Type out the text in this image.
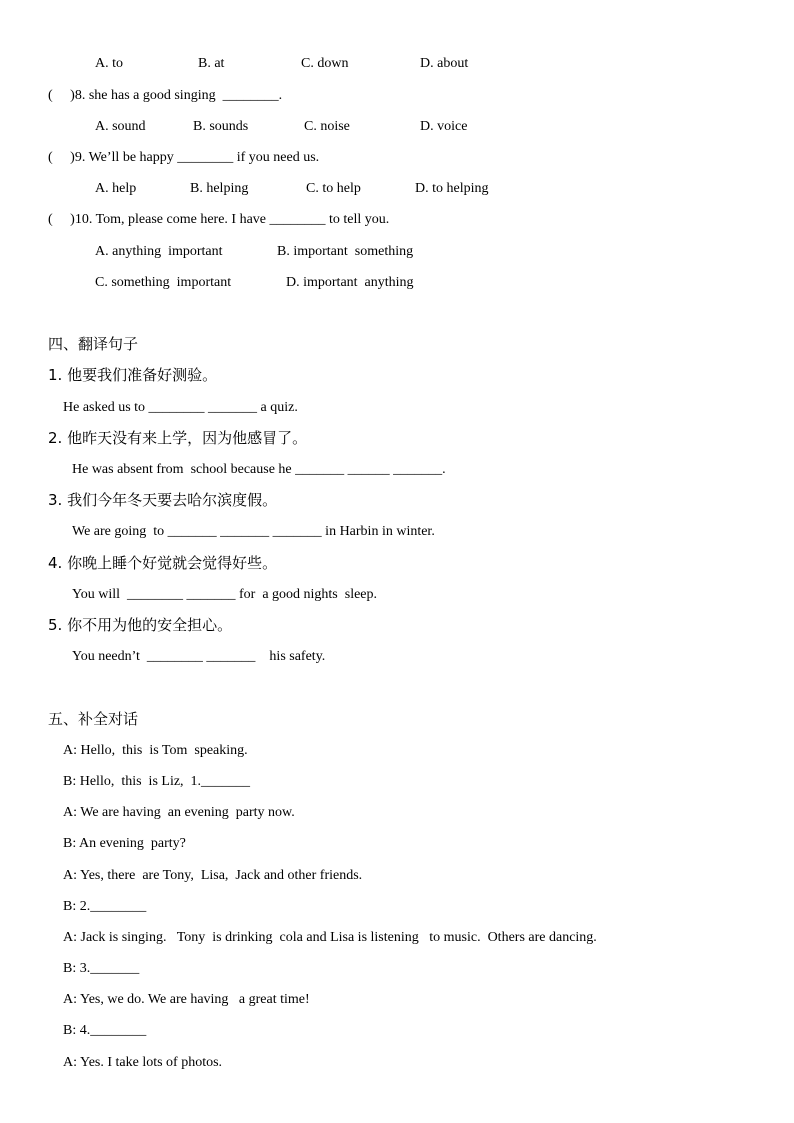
A. to	B. at	C. down	D. about
(     )8. she has a good singing  ________.
A. sound	B. sounds	C. noise	D. voice
(     )9. We’ll be happy ________ if you need us.
A. help	B. helping	C. to help	D. to helping
(     )10. Tom, please come here. I have ________ to tell you.
A. anything  important	B. important  something
C. something  important	D. important  anything
四、翻译句子
1. 他要我们准备好测验。
He asked us to ________ _______ a quiz.
2. 他昨天没有来上学，因为他感冒了。
He was absent from  school because he _______ ______ _______.
3. 我们今年冬天要去哈尔滨度假。
We are going  to _______ _______ _______ in Harbin in winter.
4. 你晚上睡个好觉就会觉得好些。
You will  ________ _______ for  a good nights  sleep.
5. 你不用为他的安全担心。
You needn’t  ________ _______    his safety.
五、补全对话
A: Hello,  this  is Tom  speaking.
B: Hello,  this  is Liz,  1._______
A: We are having  an evening  party now.
B: An evening  party?
A: Yes, there  are Tony,  Lisa,  Jack and other friends.
B: 2.________
A: Jack is singing.   Tony  is drinking  cola and Lisa is listening   to music.  Others are dancing.
B: 3._______
A: Yes, we do. We are having   a great time!
B: 4.________
A: Yes. I take lots of photos.
